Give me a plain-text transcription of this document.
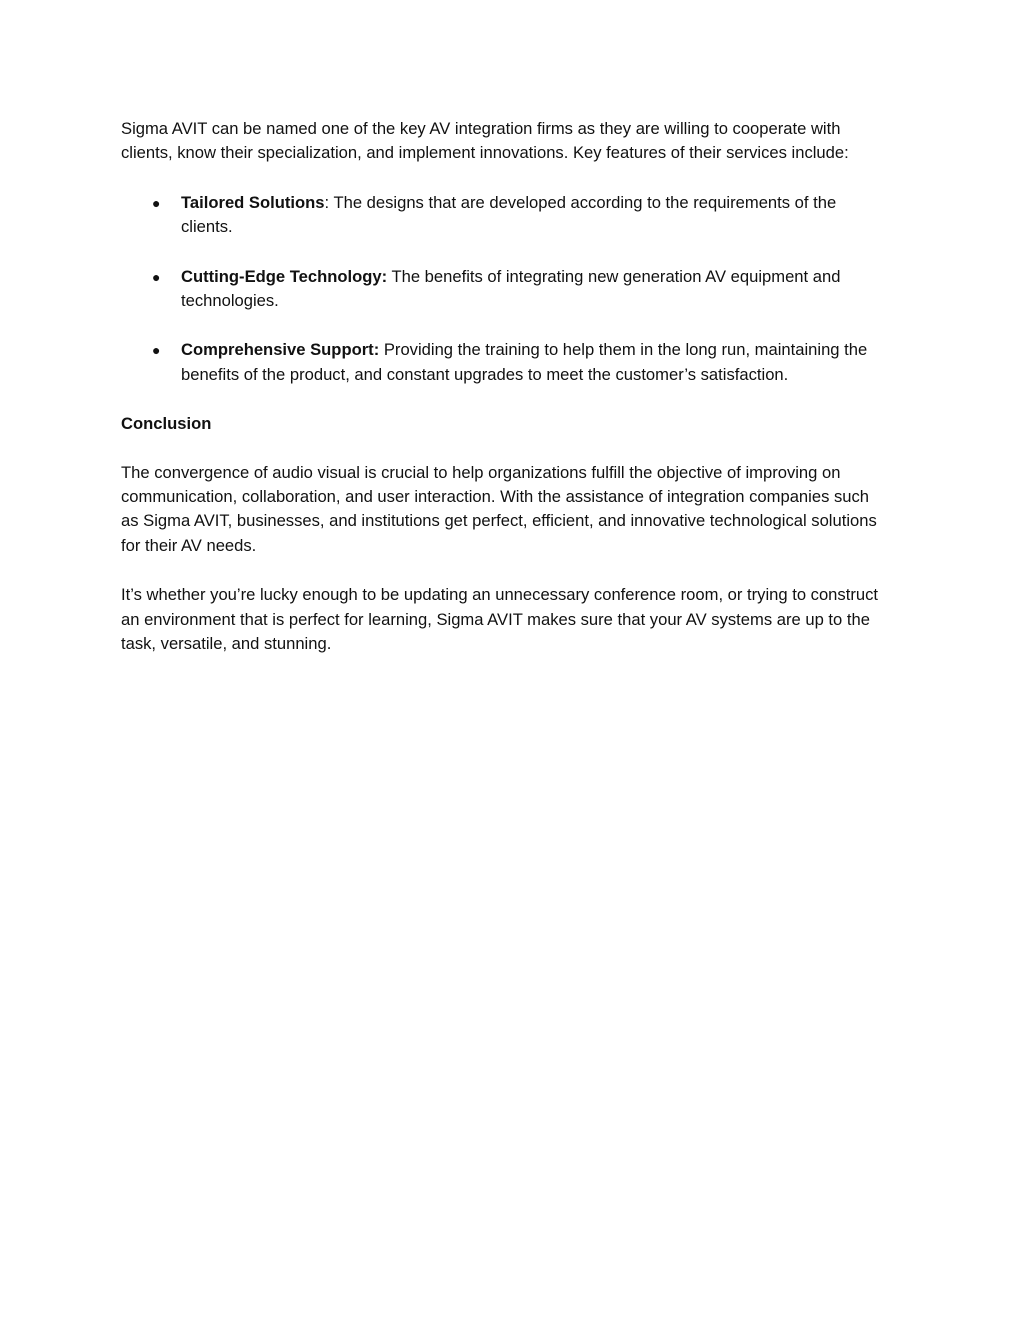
Sigma AVIT can be named one of the key AV integration firms as they are willing to cooperate with clients, know their specialization, and implement innovations. Key features of their services include:

● Tailored Solutions: The designs that are developed according to the requirements of the clients.
● Cutting-Edge Technology: The benefits of integrating new generation AV equipment and technologies.
● Comprehensive Support: Providing the training to help them in the long run, maintaining the benefits of the product, and constant upgrades to meet the customer’s satisfaction.
Conclusion

The convergence of audio visual is crucial to help organizations fulfill the objective of improving on communication, collaboration, and user interaction. With the assistance of integration companies such as Sigma AVIT, businesses, and institutions get perfect, efficient, and innovative technological solutions for their AV needs.

It’s whether you’re lucky enough to be updating an unnecessary conference room, or trying to construct an environment that is perfect for learning, Sigma AVIT makes sure that your AV systems are up to the task, versatile, and stunning.
